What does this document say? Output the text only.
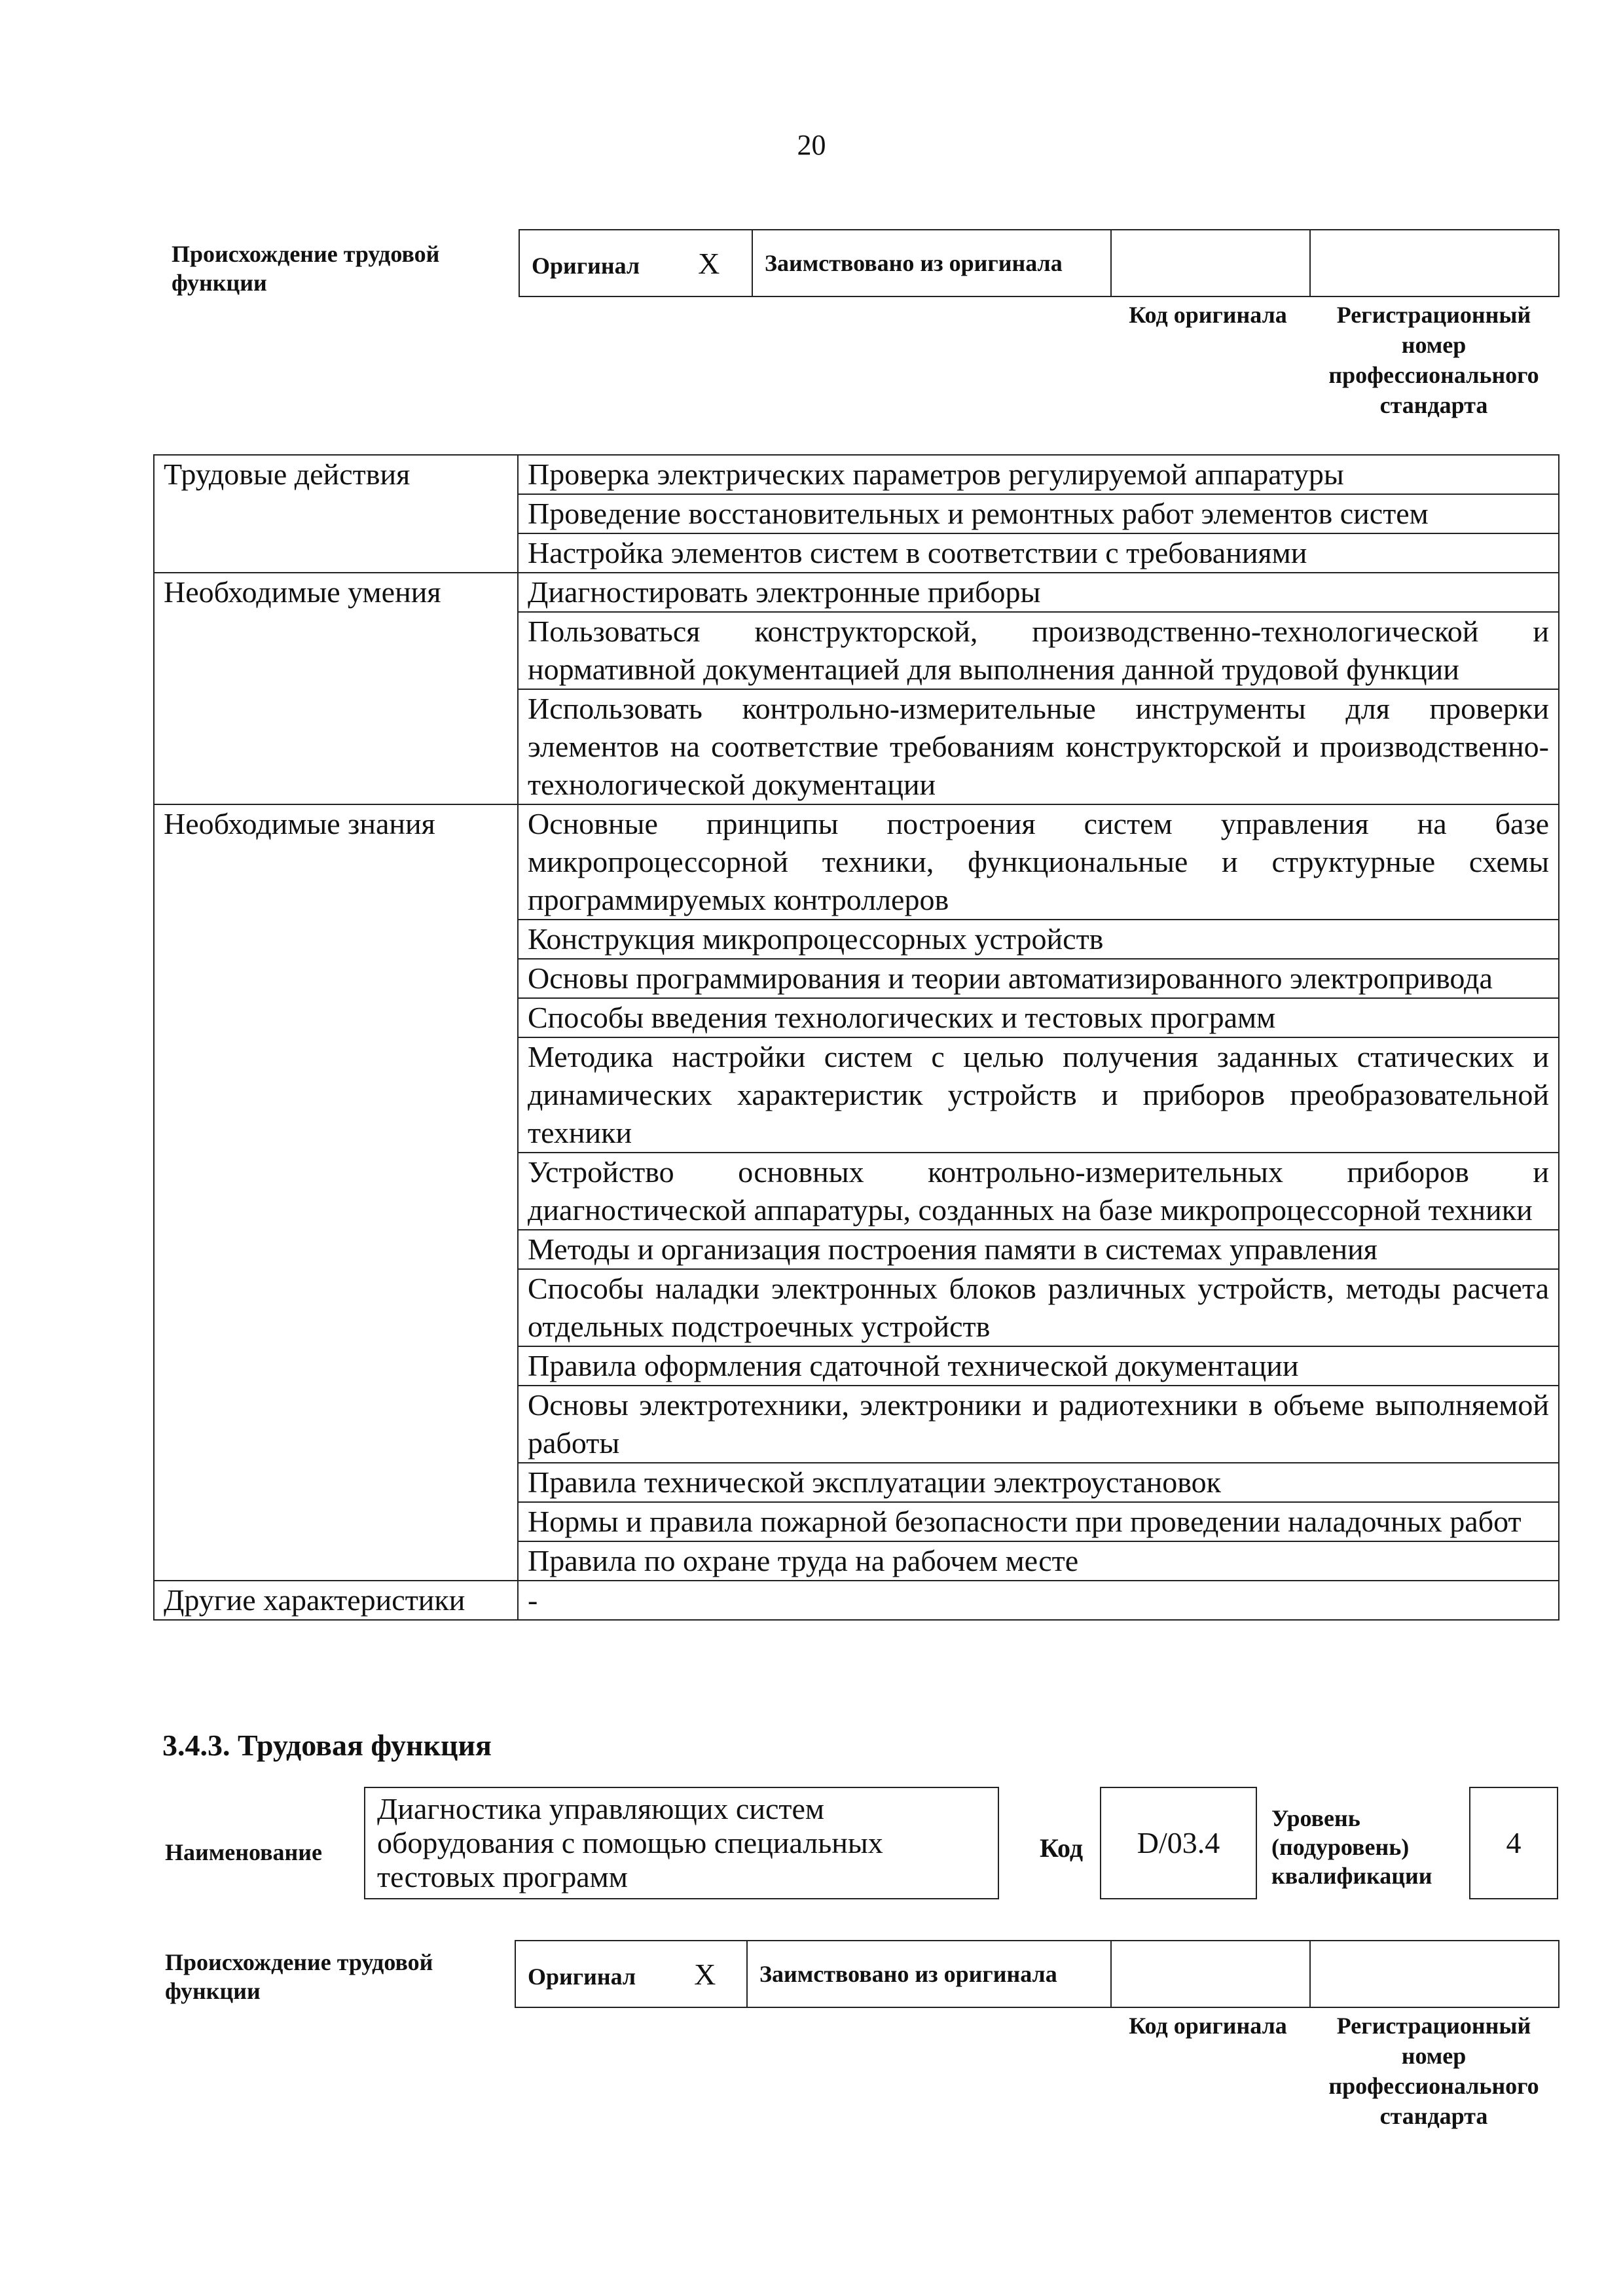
20
Происхождение трудовой функции
Оригинал X	Заимствовано из оригинала		
Код оригинала	Регистрационный номер профессионального стандарта
Трудовые действия	Проверка электрических параметров регулируемой аппаратуры
	Проведение восстановительных и ремонтных работ элементов систем
	Настройка элементов систем в соответствии с требованиями
Необходимые умения	Диагностировать электронные приборы
	Пользоваться конструкторской, производственно-технологической и нормативной документацией для выполнения данной трудовой функции
	Использовать контрольно-измерительные инструменты для проверки элементов на соответствие требованиям конструкторской и производственно-технологической документации
Необходимые знания	Основные принципы построения систем управления на базе микропроцессорной техники, функциональные и структурные схемы программируемых контроллеров
	Конструкция микропроцессорных устройств
	Основы программирования и теории автоматизированного электропривода
	Способы введения технологических и тестовых программ
	Методика настройки систем с целью получения заданных статических и динамических характеристик устройств и приборов преобразовательной техники
	Устройство основных контрольно-измерительных приборов и диагностической аппаратуры, созданных на базе микропроцессорной техники
	Методы и организация построения памяти в системах управления
	Способы наладки электронных блоков различных устройств, методы расчета отдельных подстроечных устройств
	Правила оформления сдаточной технической документации
	Основы электротехники, электроники и радиотехники в объеме выполняемой работы
	Правила технической эксплуатации электроустановок
	Нормы и правила пожарной безопасности при проведении наладочных работ
	Правила по охране труда на рабочем месте
Другие характеристики	-
3.4.3. Трудовая функция
Наименование
Диагностика управляющих систем оборудования с помощью специальных тестовых программ
Код	D/03.4
Уровень (подуровень) квалификации
4
Происхождение трудовой функции
Оригинал X	Заимствовано из оригинала		
Код оригинала	Регистрационный номер профессионального стандарта
